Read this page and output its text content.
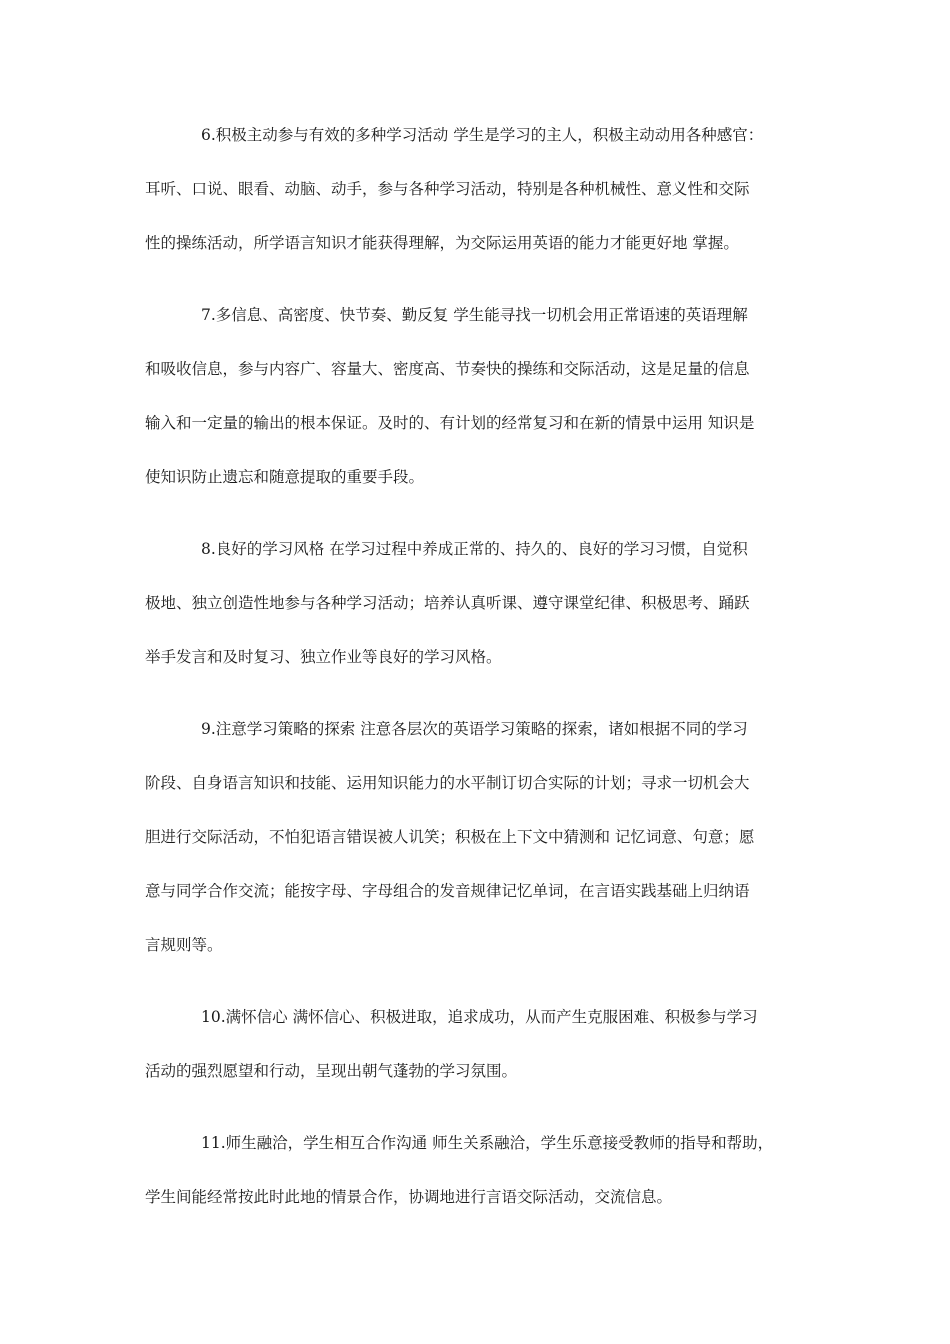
6.积极主动参与有效的多种学习活动 学生是学习的主人，积极主动动用各种感官：
耳听、口说、眼看、动脑、动手，参与各种学习活动，特别是各种机械性、意义性和交际
性的操练活动，所学语言知识才能获得理解，为交际运用英语的能力才能更好地 掌握。
7.多信息、高密度、快节奏、勤反复 学生能寻找一切机会用正常语速的英语理解
和吸收信息，参与内容广、容量大、密度高、节奏快的操练和交际活动，这是足量的信息
输入和一定量的输出的根本保证。及时的、有计划的经常复习和在新的情景中运用 知识是
使知识防止遗忘和随意提取的重要手段。
8.良好的学习风格 在学习过程中养成正常的、持久的、良好的学习习惯，自觉积
极地、独立创造性地参与各种学习活动；培养认真听课、遵守课堂纪律、积极思考、踊跃
举手发言和及时复习、独立作业等良好的学习风格。
9.注意学习策略的探索 注意各层次的英语学习策略的探索，诸如根据不同的学习
阶段、自身语言知识和技能、运用知识能力的水平制订切合实际的计划；寻求一切机会大
胆进行交际活动，不怕犯语言错误被人讥笑；积极在上下文中猜测和 记忆词意、句意；愿
意与同学合作交流；能按字母、字母组合的发音规律记忆单词，在言语实践基础上归纳语
言规则等。
10.满怀信心 满怀信心、积极进取，追求成功，从而产生克服困难、积极参与学习
活动的强烈愿望和行动，呈现出朝气蓬勃的学习氛围。
11.师生融洽，学生相互合作沟通 师生关系融洽，学生乐意接受教师的指导和帮助，
学生间能经常按此时此地的情景合作，协调地进行言语交际活动，交流信息。
